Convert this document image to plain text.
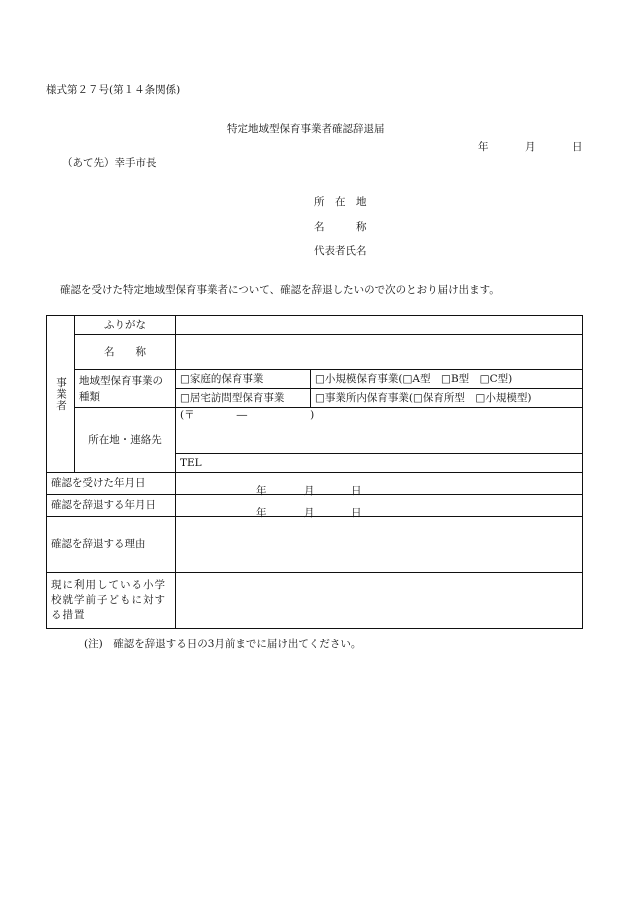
様式第２７号(第１４条関係)
特定地域型保育事業者確認辞退届
年	月	日
（あて先）幸手市長
所　在　地
名　　　称
代表者氏名
確認を受けた特定地域型保育事業者について、確認を辞退したいので次のとおり届け出ます。
事業者	ふりがな		
	名　　称		
	地域型保育事業の種類	□家庭的保育事業	□小規模保育事業(□A型　□B型　□C型)
		□居宅訪問型保育事業	□事業所内保育事業(□保育所型　□小規模型)
	所在地・連絡先	(〒　　　　―　　　　　　)	
		TEL	
確認を受けた年月日		年 月 日	

確認を辞退する年月日		年 月 日	

確認を辞退する理由			
現に利用している小学校就学前子どもに対する措置			
(注)　確認を辞退する日の3月前までに届け出てください。
